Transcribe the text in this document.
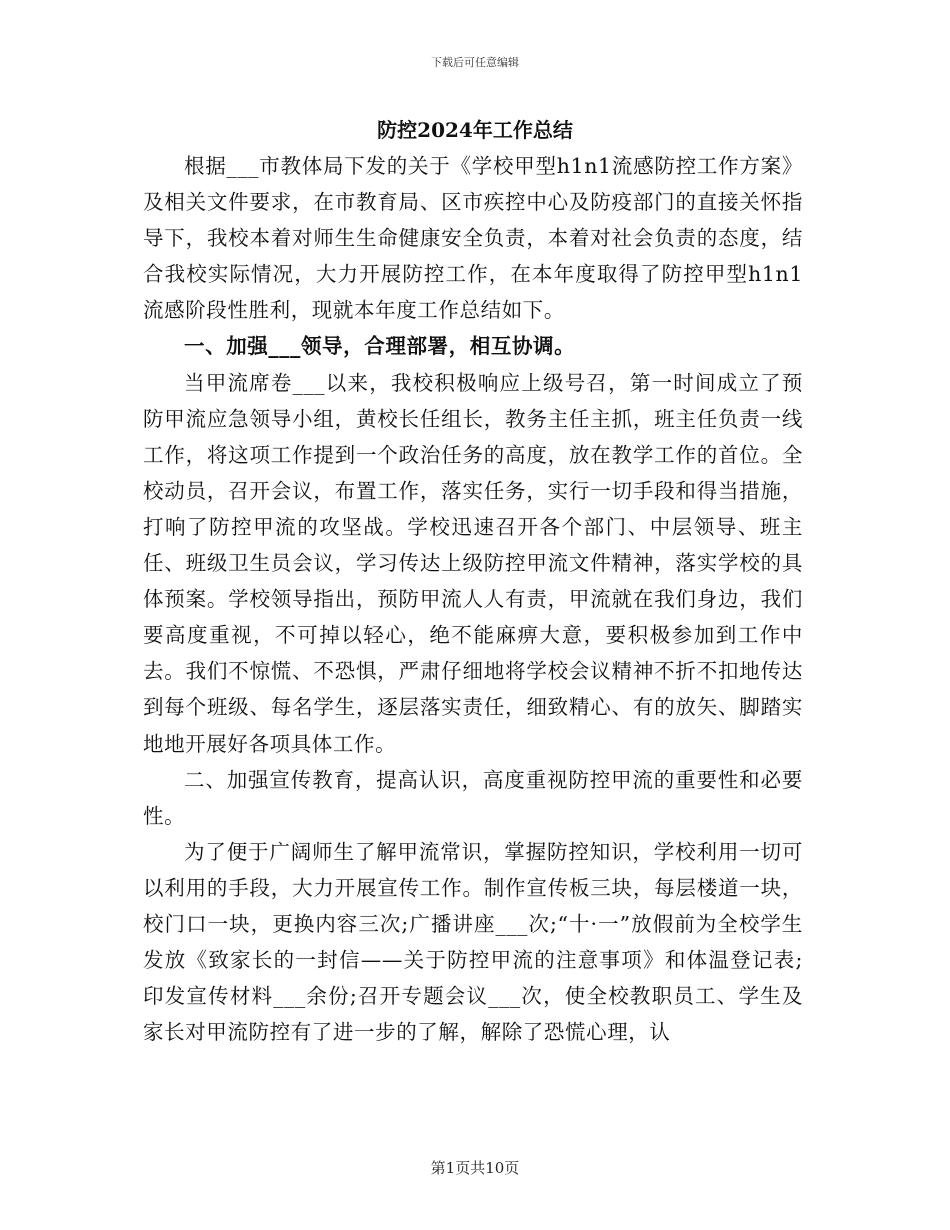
下载后可任意编辑
防控2024年工作总结

根据___市教体局下发的关于《学校甲型h1n1流感防控工作方案》及相关文件要求，在市教育局、区市疾控中心及防疫部门的直接关怀指导下，我校本着对师生生命健康安全负责，本着对社会负责的态度，结合我校实际情况，大力开展防控工作，在本年度取得了防控甲型h1n1流感阶段性胜利，现就本年度工作总结如下。

一、加强___领导，合理部署，相互协调。

当甲流席卷___以来，我校积极响应上级号召，第一时间成立了预防甲流应急领导小组，黄校长任组长，教务主任主抓，班主任负责一线工作，将这项工作提到一个政治任务的高度，放在教学工作的首位。全校动员，召开会议，布置工作，落实任务，实行一切手段和得当措施，打响了防控甲流的攻坚战。学校迅速召开各个部门、中层领导、班主任、班级卫生员会议，学习传达上级防控甲流文件精神，落实学校的具体预案。学校领导指出，预防甲流人人有责，甲流就在我们身边，我们要高度重视，不可掉以轻心，绝不能麻痹大意，要积极参加到工作中去。我们不惊慌、不恐惧，严肃仔细地将学校会议精神不折不扣地传达到每个班级、每名学生，逐层落实责任，细致精心、有的放矢、脚踏实地地开展好各项具体工作。

二、加强宣传教育，提高认识，高度重视防控甲流的重要性和必要性。

为了便于广阔师生了解甲流常识，掌握防控知识，学校利用一切可以利用的手段，大力开展宣传工作。制作宣传板三块，每层楼道一块，校门口一块，更换内容三次;广播讲座___次;“十·一”放假前为全校学生发放《致家长的一封信——关于防控甲流的注意事项》和体温登记表;印发宣传材料___余份;召开专题会议___次，使全校教职员工、学生及家长对甲流防控有了进一步的了解，解除了恐慌心理，认

第1页共10页
